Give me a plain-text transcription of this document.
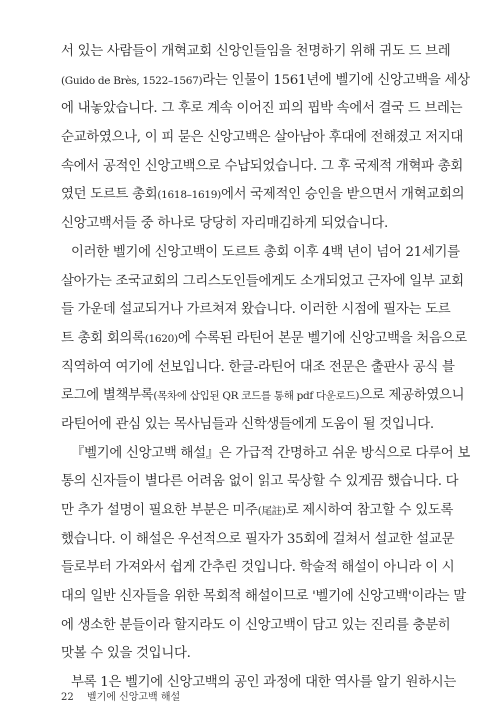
서 있는 사람들이 개혁교회 신앙인들임을 천명하기 위해 귀도 드 브레
(Guido de Brès, 1522–1567)라는 인물이 1561년에 벨기에 신앙고백을 세상
에 내놓았습니다. 그 후로 계속 이어진 피의 핍박 속에서 결국 드 브레는
순교하였으나, 이 피 묻은 신앙고백은 살아남아 후대에 전해졌고 저지대
속에서 공적인 신앙고백으로 수납되었습니다. 그 후 국제적 개혁파 총회
였던 도르트 총회(1618–1619)에서 국제적인 승인을 받으면서 개혁교회의
신앙고백서들 중 하나로 당당히 자리매김하게 되었습니다.
이러한 벨기에 신앙고백이 도르트 총회 이후 4백 년이 넘어 21세기를
살아가는 조국교회의 그리스도인들에게도 소개되었고 근자에 일부 교회
들 가운데 설교되거나 가르쳐져 왔습니다. 이러한 시점에 필자는 도르
트 총회 회의록(1620)에 수록된 라틴어 본문 벨기에 신앙고백을 처음으로
직역하여 여기에 선보입니다. 한글-라틴어 대조 전문은 출판사 공식 블
로그에 별책부록(목차에 삽입된 QR 코드를 통해 pdf 다운로드)으로 제공하였으니
라틴어에 관심 있는 목사님들과 신학생들에게 도움이 될 것입니다.
『벨기에 신앙고백 해설』은 가급적 간명하고 쉬운 방식으로 다루어 보
통의 신자들이 별다른 어려움 없이 읽고 묵상할 수 있게끔 했습니다. 다
만 추가 설명이 필요한 부분은 미주(尾註)로 제시하여 참고할 수 있도록
했습니다. 이 해설은 우선적으로 필자가 35회에 걸쳐서 설교한 설교문
들로부터 가져와서 쉽게 간추린 것입니다. 학술적 해설이 아니라 이 시
대의 일반 신자들을 위한 목회적 해설이므로 '벨기에 신앙고백'이라는 말
에 생소한 분들이라 할지라도 이 신앙고백이 담고 있는 진리를 충분히
맛볼 수 있을 것입니다.
부록 1은 벨기에 신앙고백의 공인 과정에 대한 역사를 알기 원하시는
22 벨기에 신앙고백 해설
